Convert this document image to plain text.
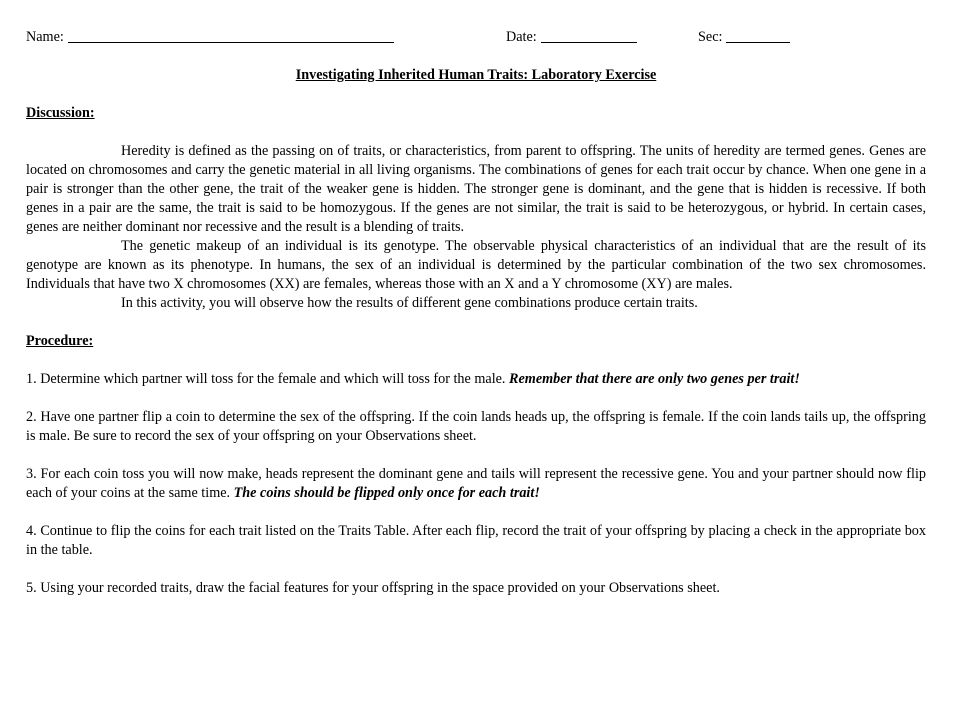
Name:	Date:	Sec:
Investigating Inherited Human Traits: Laboratory Exercise
Discussion:

Heredity is defined as the passing on of traits, or characteristics, from parent to offspring. The units of heredity are termed genes. Genes are located on chromosomes and carry the genetic material in all living organisms. The combinations of genes for each trait occur by chance. When one gene in a pair is stronger than the other gene, the trait of the weaker gene is hidden. The stronger gene is dominant, and the gene that is hidden is recessive. If both genes in a pair are the same, the trait is said to be homozygous. If the genes are not similar, the trait is said to be heterozygous, or hybrid. In certain cases, genes are neither dominant nor recessive and the result is a blending of traits.

The genetic makeup of an individual is its genotype. The observable physical characteristics of an individual that are the result of its genotype are known as its phenotype. In humans, the sex of an individual is determined by the particular combination of the two sex chromosomes. Individuals that have two X chromosomes (XX) are females, whereas those with an X and a Y chromosome (XY) are males.

In this activity, you will observe how the results of different gene combinations produce certain traits.

Procedure:

1. Determine which partner will toss for the female and which will toss for the male. Remember that there are only two genes per trait!

2. Have one partner flip a coin to determine the sex of the offspring. If the coin lands heads up, the offspring is female. If the coin lands tails up, the offspring is male. Be sure to record the sex of your offspring on your Observations sheet.

3. For each coin toss you will now make, heads represent the dominant gene and tails will represent the recessive gene. You and your partner should now flip each of your coins at the same time. The coins should be flipped only once for each trait!

4. Continue to flip the coins for each trait listed on the Traits Table. After each flip, record the trait of your offspring by placing a check in the appropriate box in the table.

5. Using your recorded traits, draw the facial features for your offspring in the space provided on your Observations sheet.
